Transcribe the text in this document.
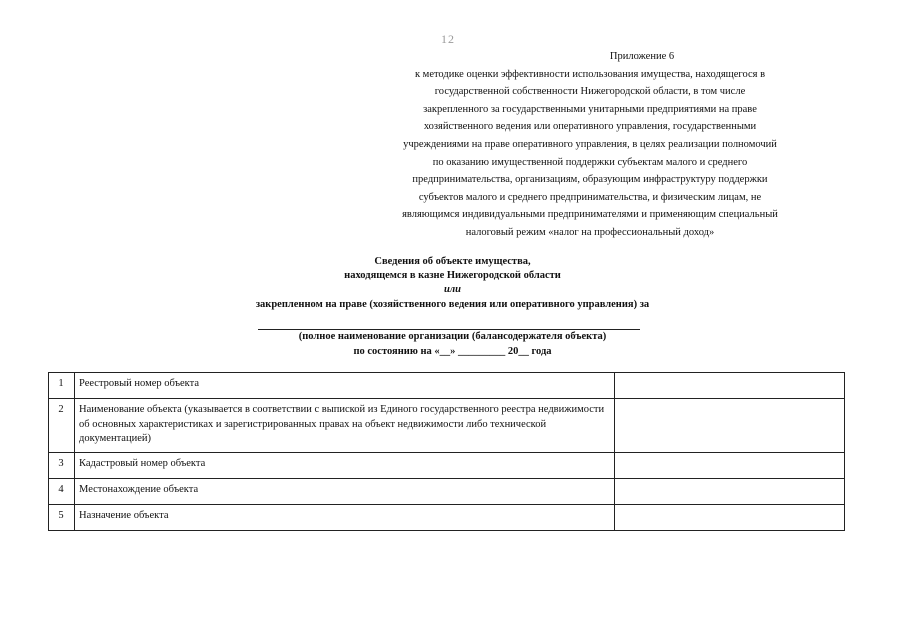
12
Приложение 6
к методике оценки эффективности использования имущества, находящегося в
государственной собственности Нижегородской области, в том числе
закрепленного за государственными унитарными предприятиями на праве
хозяйственного ведения или оперативного управления, государственными
учреждениями на праве оперативного управления, в целях реализации полномочий
по оказанию имущественной поддержки субъектам малого и среднего
предпринимательства, организациям, образующим инфраструктуру поддержки
субъектов малого и среднего предпринимательства, и физическим лицам, не
являющимся индивидуальными предпринимателями и применяющим специальный
налоговый режим «налог на профессиональный доход»
Сведения об объекте имущества,
находящемся в казне Нижегородской области
или
закрепленном на праве (хозяйственного ведения или оперативного управления) за
(полное наименование организации (балансодержателя объекта)
по состоянию на «__» _________ 20__ года
1	Реестровый номер объекта	
2	Наименование объекта (указывается в соответствии с выпиской из Единого государственного реестра недвижимости об основных характеристиках и зарегистрированных правах на объект недвижимости либо технической документацией)	
3	Кадастровый номер объекта	
4	Местонахождение объекта	
5	Назначение объекта	
